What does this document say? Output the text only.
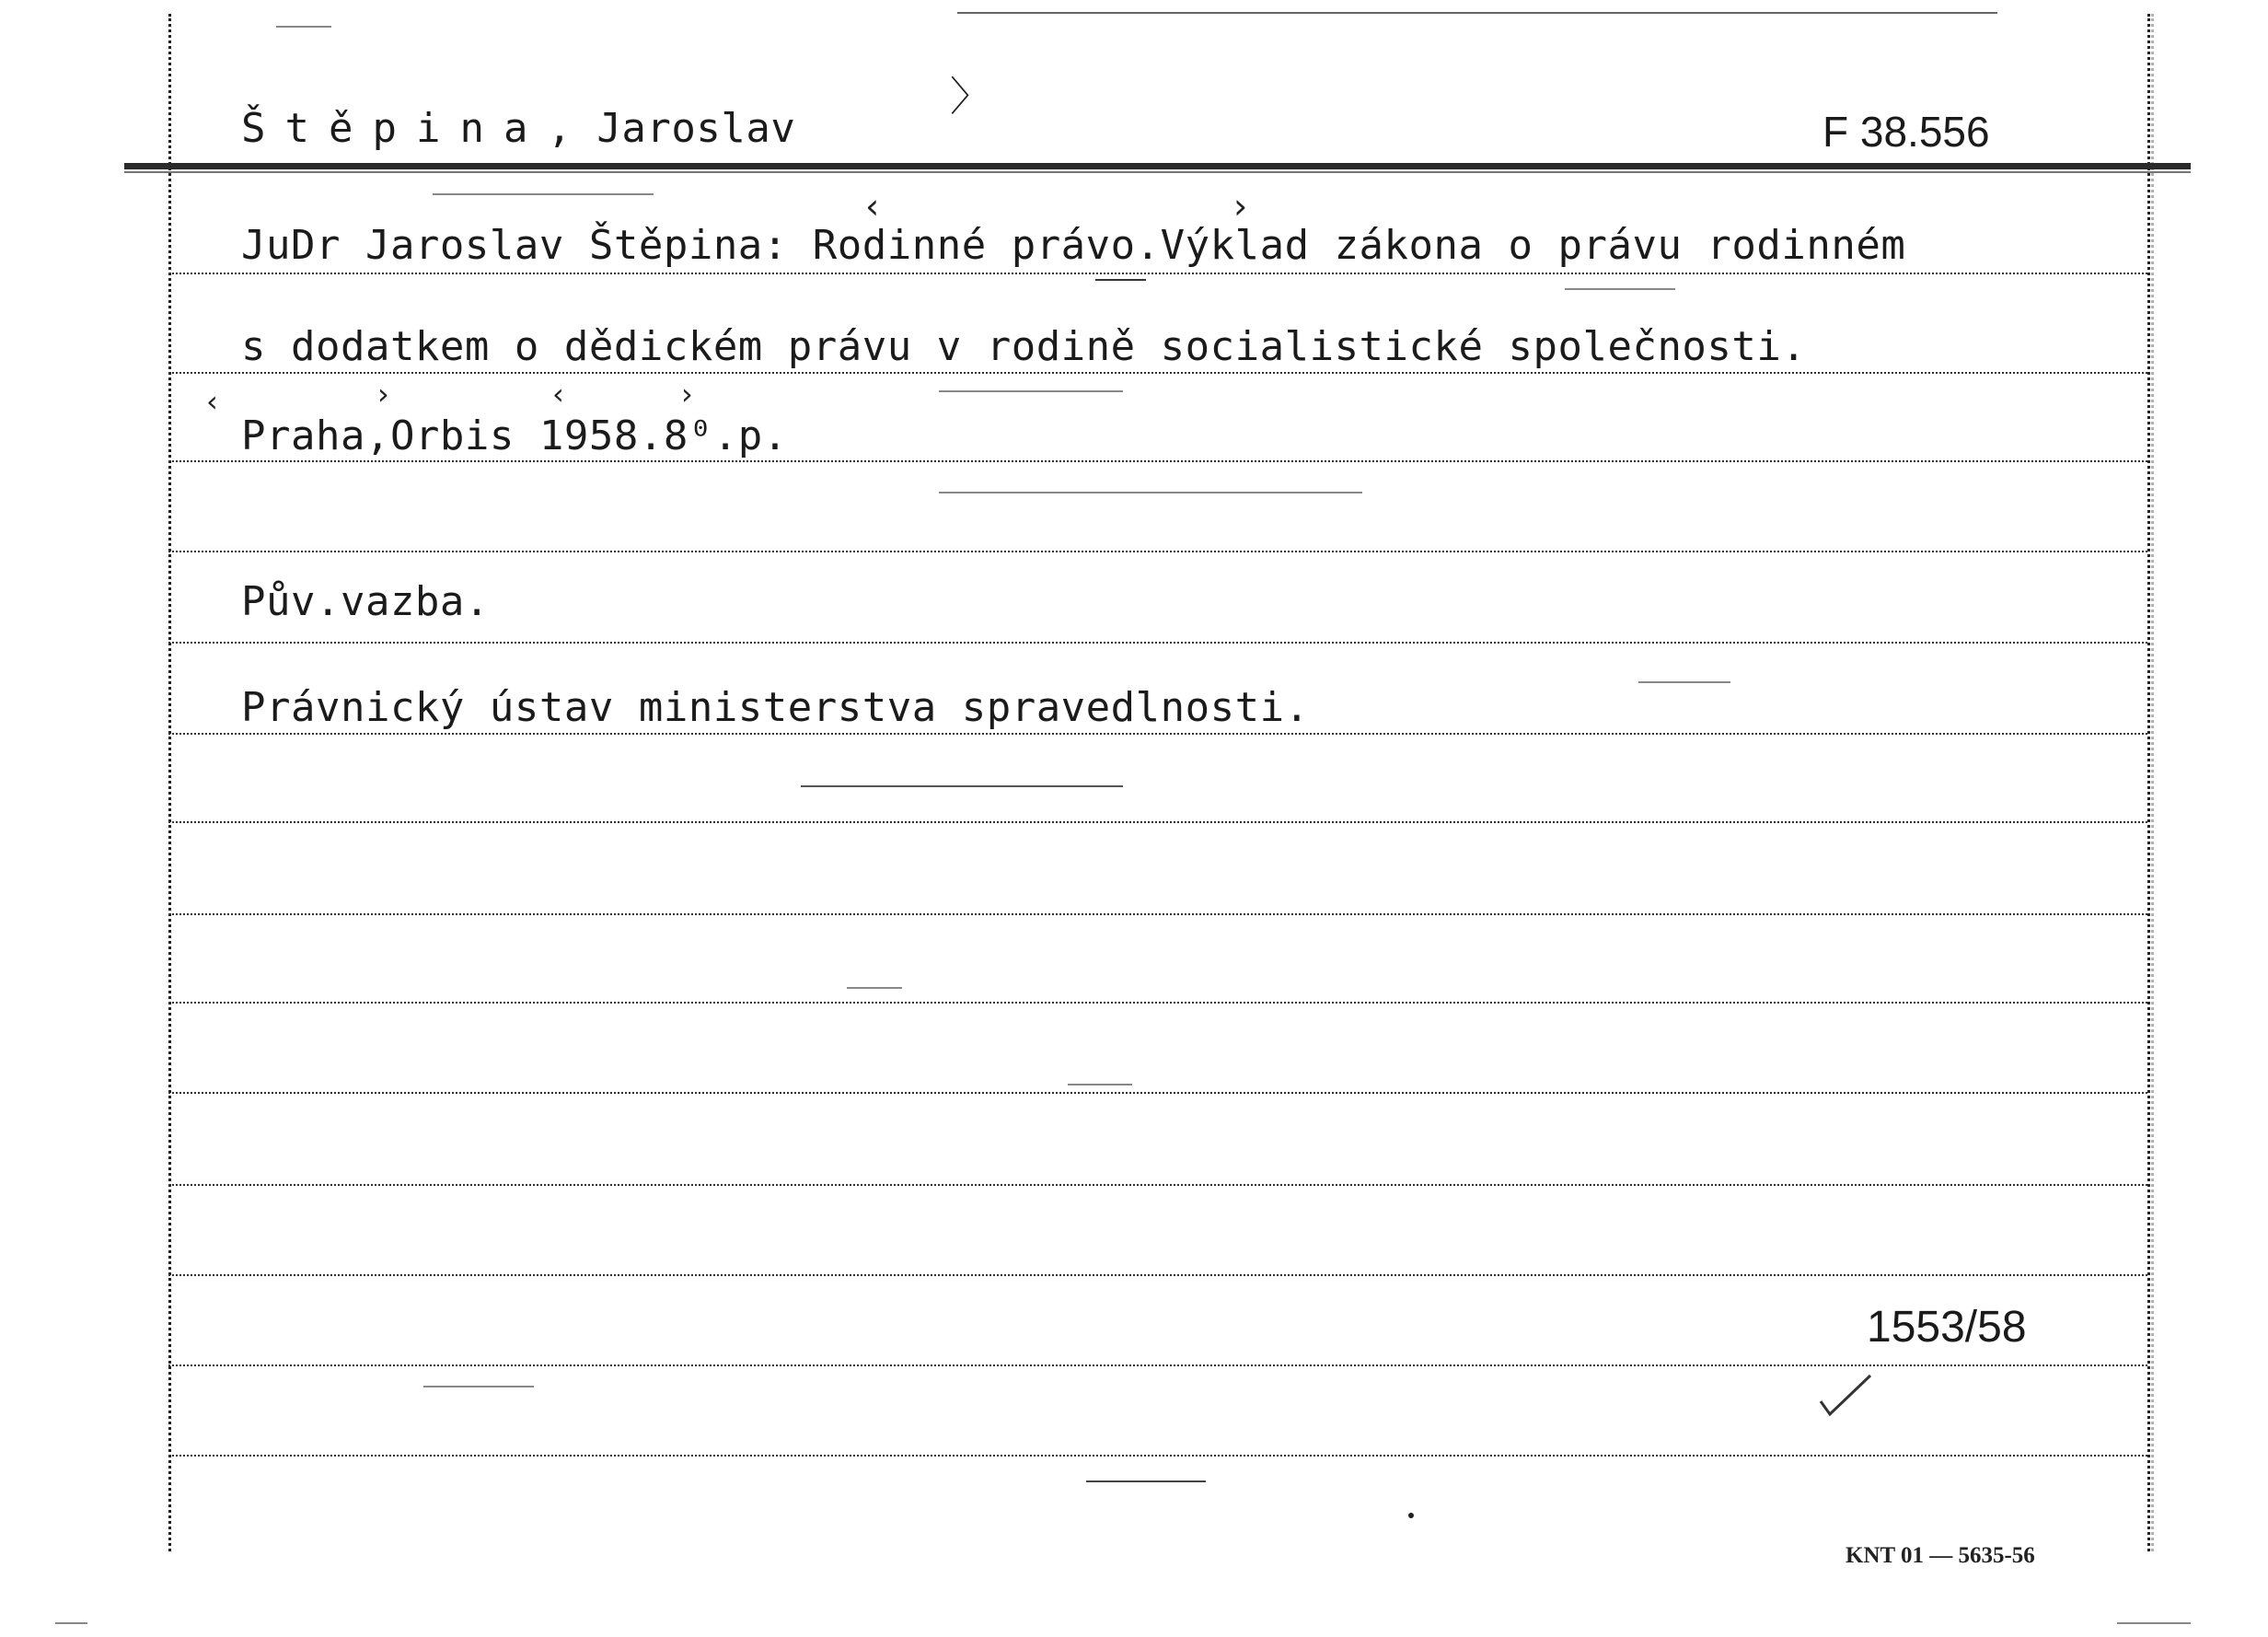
Štěpina, Jaroslav
〉
F 38.556
JuDr Jaroslav Štěpina: Rodinné právo.Výklad zákona o právu rodinném
‹	›
s dodatkem o dědickém právu v rodině socialistické společnosti.
Praha,Orbis 1958.8⁰.p.
‹	›	‹	›
Pův.vazba.
Právnický ústav ministerstva spravedlnosti.
1553/58
KNT 01 — 5635-56
